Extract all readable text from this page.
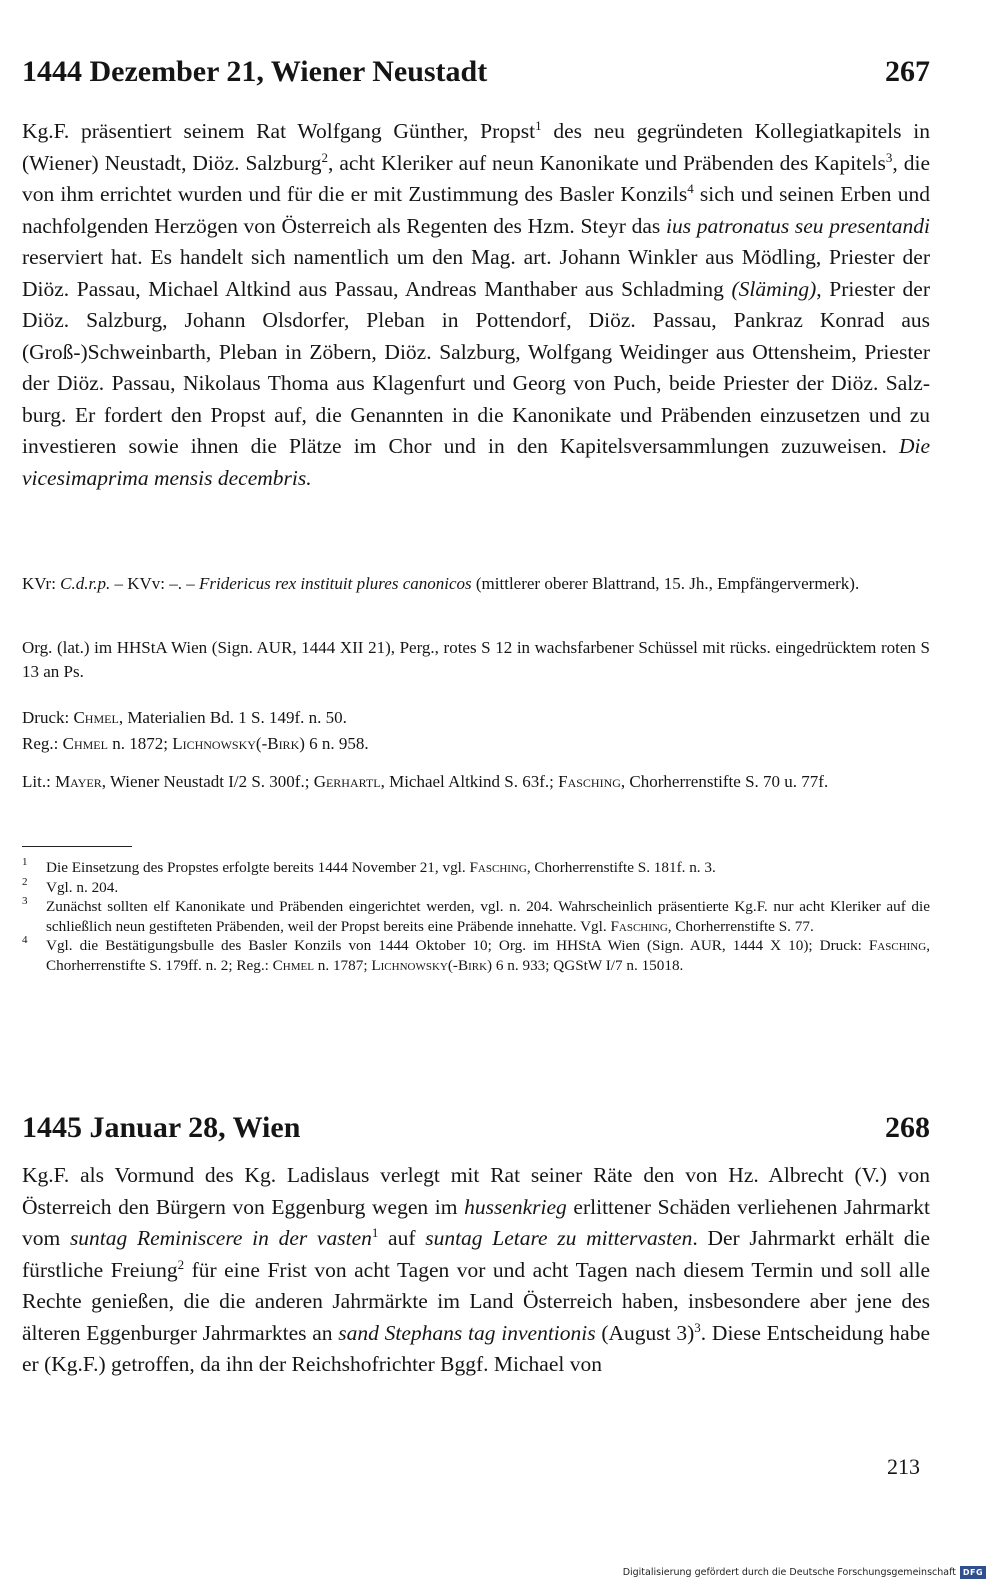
1444 Dezember 21, Wiener Neustadt	267
Kg.F. präsentiert seinem Rat Wolfgang Günther, Propst$^1$ des neu gegründeten Kollegiatkapitels in (Wiener) Neustadt, Diöz. Salzburg$^2$, acht Kleriker auf neun Kanonikate und Präbenden des Kapitels$^3$, die von ihm errichtet wurden und für die er mit Zustimmung des Basler Konzils$^4$ sich und seinen Erben und nachfolgenden Herzögen von Österreich als Regenten des Hzm. Steyr das ius patronatus seu presentandi reserviert hat. Es handelt sich namentlich um den Mag. art. Johann Winkler aus Mödling, Priester der Diöz. Passau, Michael Altkind aus Passau, Andreas Manthaber aus Schladming (Släming), Priester der Diöz. Salzburg, Johann Olsdorfer, Pleban in Pottendorf, Diöz. Passau, Pankraz Konrad aus (Groß-)Schweinbarth, Pleban in Zöbern, Diöz. Salzburg, Wolfgang Weidinger aus Ottensheim, Priester der Diöz. Passau, Nikolaus Thoma aus Klagenfurt und Georg von Puch, beide Priester der Diöz. Salzburg. Er fordert den Propst auf, die Genannten in die Kanonikate und Präbenden einzusetzen und zu investieren sowie ihnen die Plätze im Chor und in den Kapitelsversammlungen zuzuweisen. Die vicesimaprima mensis decembris.
KVr: C.d.r.p. – KVv: –. – Fridericus rex instituit plures canonicos (mittlerer oberer Blattrand, 15. Jh., Empfängervermerk).
Org. (lat.) im HHStA Wien (Sign. AUR, 1444 XII 21), Perg., rotes S 12 in wachsfarbener Schüssel mit rücks. eingedrücktem roten S 13 an Ps.
Druck: Chmel, Materialien Bd. 1 S. 149f. n. 50.
Reg.: Chmel n. 1872; Lichnowsky(-Birk) 6 n. 958.
Lit.: Mayer, Wiener Neustadt I/2 S. 300f.; Gerhartl, Michael Altkind S. 63f.; Fasching, Chorherrenstifte S. 70 u. 77f.
1 Die Einsetzung des Propstes erfolgte bereits 1444 November 21, vgl. Fasching, Chorherrenstifte S. 181f. n. 3.
2 Vgl. n. 204.
3 Zunächst sollten elf Kanonikate und Präbenden eingerichtet werden, vgl. n. 204. Wahrscheinlich präsentierte Kg.F. nur acht Kleriker auf die schließlich neun gestifteten Präbenden, weil der Propst bereits eine Präbende innehatte. Vgl. Fasching, Chorherrenstifte S. 77.
4 Vgl. die Bestätigungsbulle des Basler Konzils von 1444 Oktober 10; Org. im HHStA Wien (Sign. AUR, 1444 X 10); Druck: Fasching, Chorherrenstifte S. 179ff. n. 2; Reg.: Chmel n. 1787; Lichnowsky(-Birk) 6 n. 933; QGStW I/7 n. 15018.
1445 Januar 28, Wien	268
Kg.F. als Vormund des Kg. Ladislaus verlegt mit Rat seiner Räte den von Hz. Albrecht (V.) von Österreich den Bürgern von Eggenburg wegen im hussenkrieg erlittener Schäden verliehenen Jahrmarkt vom suntag Reminiscere in der vasten$^1$ auf suntag Letare zu mittervasten. Der Jahrmarkt erhält die fürstliche Freiung$^2$ für eine Frist von acht Tagen vor und acht Tagen nach diesem Termin und soll alle Rechte genießen, die die anderen Jahrmärkte im Land Österreich haben, insbesondere aber jene des älteren Eggenburger Jahrmarktes an sand Stephans tag inventionis (August 3)$^3$. Diese Entscheidung habe er (Kg.F.) getroffen, da ihn der Reichshofrichter Bggf. Michael von
213
Digitalisierung gefördert durch die Deutsche Forschungsgemeinschaft DFG
